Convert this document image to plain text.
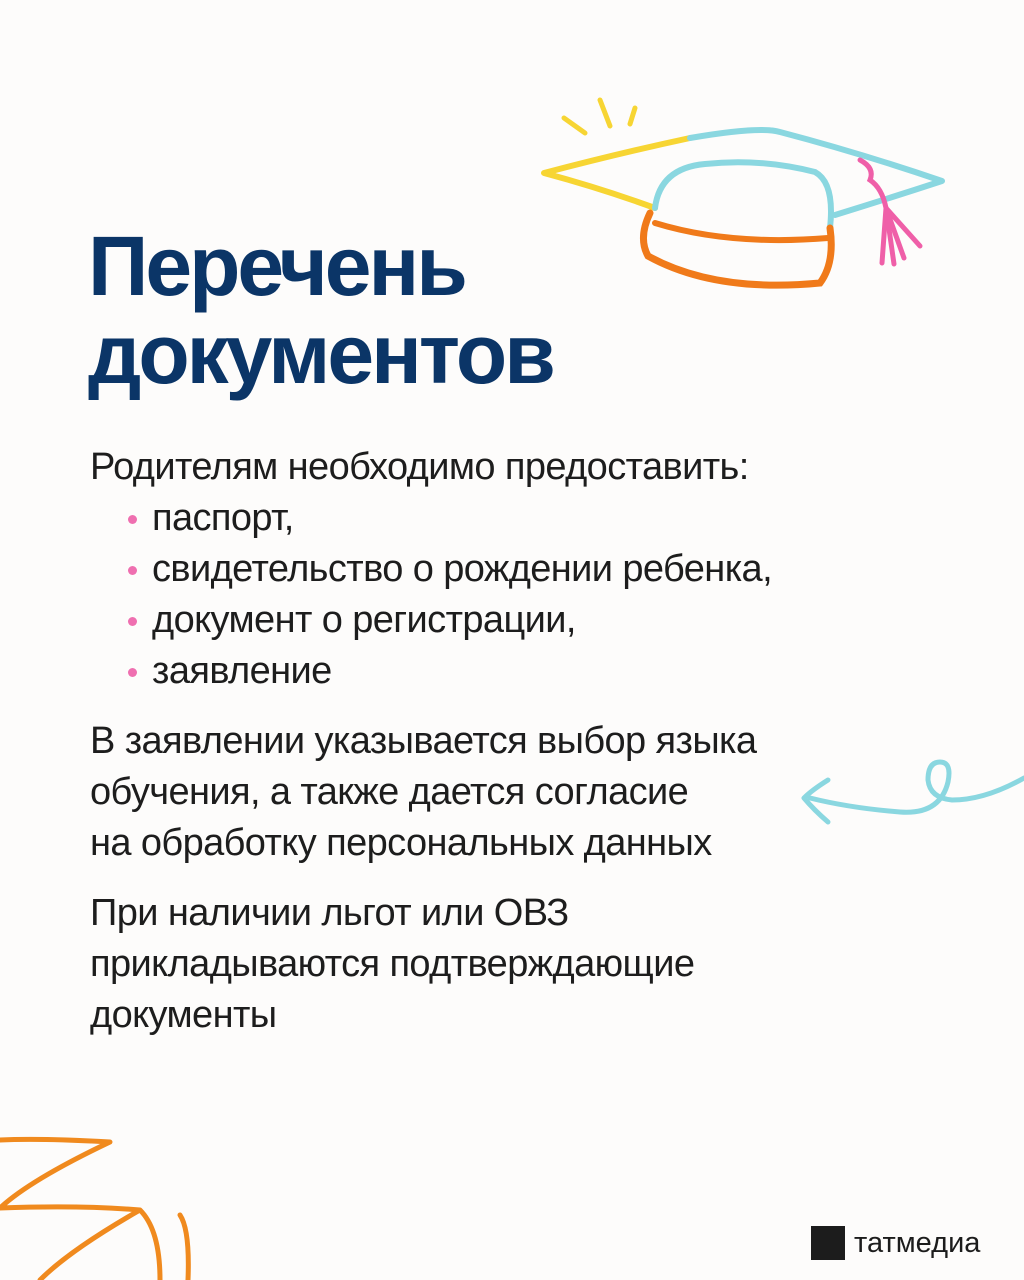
Перечень
документов

Родителям необходимо предоставить:

паспорт,
свидетельство о рождении ребенка,
документ о регистрации,
заявление

В заявлении указывается выбор языка
обучения, а также дается согласие
на обработку персональных данных

При наличии льгот или ОВЗ
прикладываются подтверждающие
документы

татмедиа
